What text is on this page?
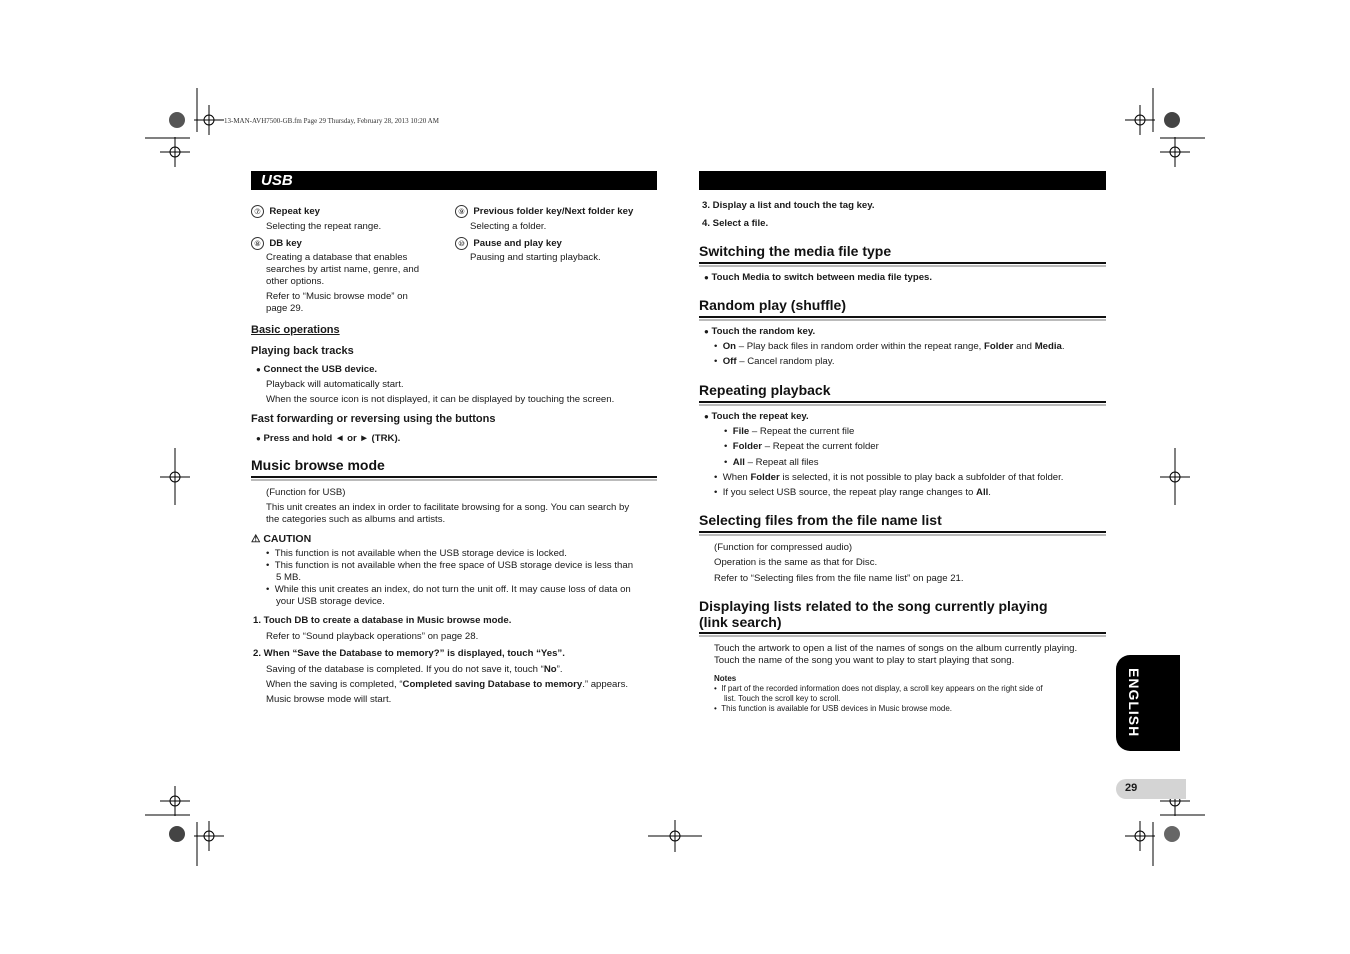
13-MAN-AVH7500-GB.fm Page 29 Thursday, February 28, 2013 10:20 AM
USB
⑦ Repeat key
Selecting the repeat range.
⑧ DB key
Creating a database that enables
searches by artist name, genre, and
other options.
Refer to “Music browse mode” on
page 29.
⑨ Previous folder key/Next folder key
Selecting a folder.
⑩ Pause and play key
Pausing and starting playback.
Basic operations
Playing back tracks
● Connect the USB device.
Playback will automatically start.
When the source icon is not displayed, it can be displayed by touching the screen.
Fast forwarding or reversing using the buttons
● Press and hold ◄ or ► (TRK).
Music browse mode
(Function for USB)
This unit creates an index in order to facilitate browsing for a song. You can search by
the categories such as albums and artists.
⚠ CAUTION
•  This function is not available when the USB storage device is locked.
•  This function is not available when the free space of USB storage device is less than
5 MB.
•  While this unit creates an index, do not turn the unit off. It may cause loss of data on
your USB storage device.
1. Touch DB to create a database in Music browse mode.
Refer to “Sound playback operations” on page 28.
2. When “Save the Database to memory?” is displayed, touch “Yes”.
Saving of the database is completed. If you do not save it, touch “No”.
When the saving is completed, “Completed saving Database to memory.” appears.
Music browse mode will start.
3. Display a list and touch the tag key.
4. Select a file.
Switching the media file type
● Touch Media to switch between media file types.
Random play (shuffle)
● Touch the random key.
•  On – Play back files in random order within the repeat range, Folder and Media.
•  Off – Cancel random play.
Repeating playback
● Touch the repeat key.
•  File – Repeat the current file
•  Folder – Repeat the current folder
•  All – Repeat all files
•  When Folder is selected, it is not possible to play back a subfolder of that folder.
•  If you select USB source, the repeat play range changes to All.
Selecting files from the file name list
(Function for compressed audio)
Operation is the same as that for Disc.
Refer to “Selecting files from the file name list” on page 21.
Displaying lists related to the song currently playing
(link search)
Touch the artwork to open a list of the names of songs on the album currently playing.
Touch the name of the song you want to play to start playing that song.
Notes
•  If part of the recorded information does not display, a scroll key appears on the right side of
list. Touch the scroll key to scroll.
•  This function is available for USB devices in Music browse mode.	ENGLISH
29
